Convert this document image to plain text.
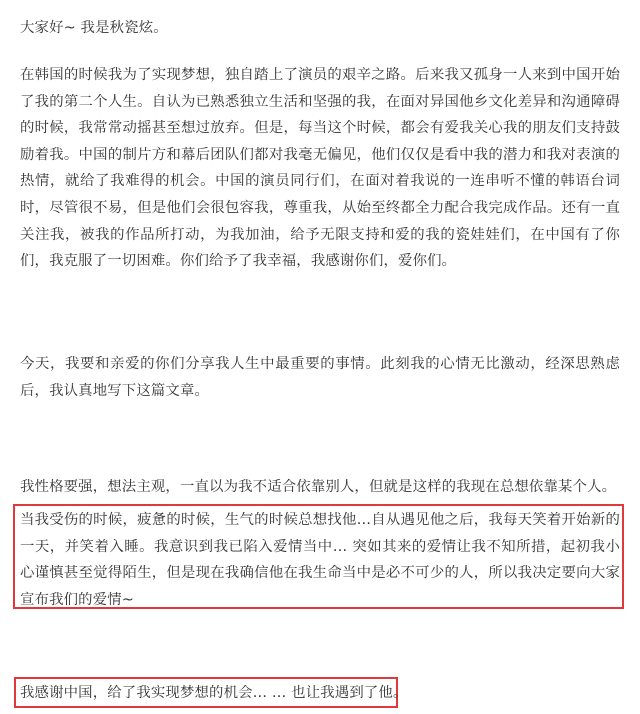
大家好~ 我是秋瓷炫。

在韩国的时候我为了实现梦想，独自踏上了演员的艰辛之路。后来我又孤身一人来到中国开始了我的第二个人生。自认为已熟悉独立生活和坚强的我，在面对异国他乡文化差异和沟通障碍的时候，我常常动摇甚至想过放弃。但是，每当这个时候，都会有爱我关心我的朋友们支持鼓励着我。中国的制片方和幕后团队们都对我毫无偏见，他们仅仅是看中我的潜力和我对表演的热情，就给了我难得的机会。中国的演员同行们，在面对着我说的一连串听不懂的韩语台词时，尽管很不易，但是他们会很包容我，尊重我，从始至终都全力配合我完成作品。还有一直关注我，被我的作品所打动，为我加油，给予无限支持和爱的我的瓷娃娃们，在中国有了你们，我克服了一切困难。你们给予了我幸福，我感谢你们，爱你们。

今天，我要和亲爱的你们分享我人生中最重要的事情。此刻我的心情无比激动，经深思熟虑后，我认真地写下这篇文章。

我性格要强，想法主观，一直以为我不适合依靠别人，但就是这样的我现在总想依靠某个人。

当我受伤的时候，疲惫的时候，生气的时候总想找他…自从遇见他之后，我每天笑着开始新的一天，并笑着入睡。我意识到我已陷入爱情当中… 突如其来的爱情让我不知所措，起初我小心谨慎甚至觉得陌生，但是现在我确信他在我生命当中是必不可少的人，所以我决定要向大家宣布我们的爱情~

我感谢中国，给了我实现梦想的机会… … 也让我遇到了他。
